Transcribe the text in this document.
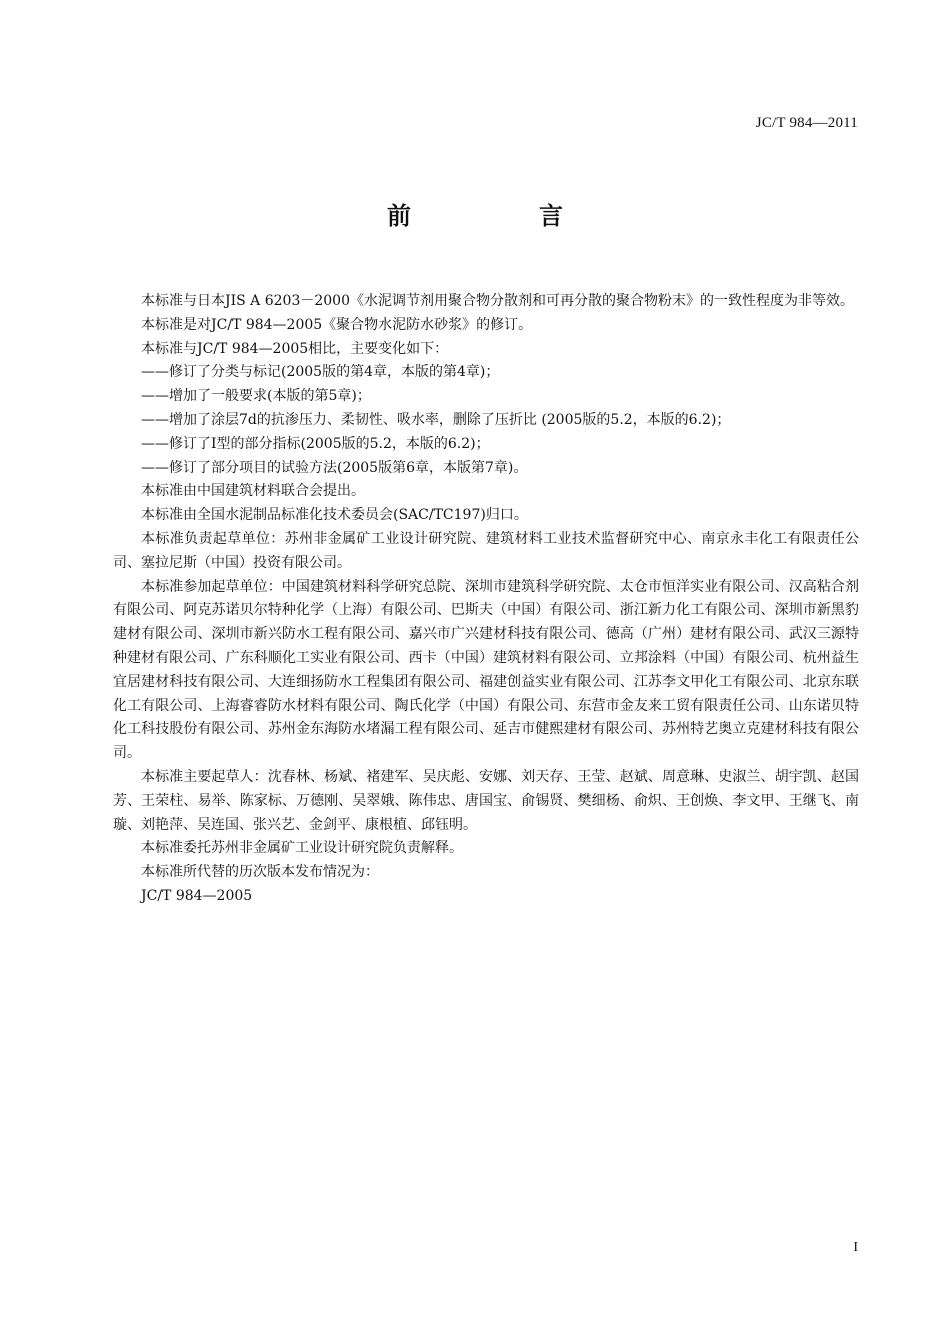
JC/T 984—2011
前　言

本标准与日本JIS A 6203－2000《水泥调节剂用聚合物分散剂和可再分散的聚合物粉末》的一致性程度为非等效。

本标准是对JC/T 984—2005《聚合物水泥防水砂浆》的修订。

本标准与JC/T 984—2005相比，主要变化如下：

——修订了分类与标记(2005版的第4章，本版的第4章)；

——增加了一般要求(本版的第5章)；

——增加了涂层7d的抗渗压力、柔韧性、吸水率，删除了压折比 (2005版的5.2，本版的6.2)；

——修订了Ⅰ型的部分指标(2005版的5.2，本版的6.2)；

——修订了部分项目的试验方法(2005版第6章，本版第7章)。

本标准由中国建筑材料联合会提出。

本标准由全国水泥制品标准化技术委员会(SAC/TC197)归口。

本标准负责起草单位：苏州非金属矿工业设计研究院、建筑材料工业技术监督研究中心、南京永丰化工有限责任公司、塞拉尼斯（中国）投资有限公司。

本标准参加起草单位：中国建筑材料科学研究总院、深圳市建筑科学研究院、太仓市恒洋实业有限公司、汉高粘合剂有限公司、阿克苏诺贝尔特种化学（上海）有限公司、巴斯夫（中国）有限公司、浙江新力化工有限公司、深圳市新黑豹建材有限公司、深圳市新兴防水工程有限公司、嘉兴市广兴建材科技有限公司、德高（广州）建材有限公司、武汉三源特种建材有限公司、广东科顺化工实业有限公司、西卡（中国）建筑材料有限公司、立邦涂料（中国）有限公司、杭州益生宜居建材科技有限公司、大连细扬防水工程集团有限公司、福建创益实业有限公司、江苏李文甲化工有限公司、北京东联化工有限公司、上海睿睿防水材料有限公司、陶氏化学（中国）有限公司、东营市金友来工贸有限责任公司、山东诺贝特化工科技股份有限公司、苏州金东海防水堵漏工程有限公司、延吉市健熙建材有限公司、苏州特艺奥立克建材科技有限公司。

本标准主要起草人：沈春林、杨斌、褚建军、吴庆彪、安娜、刘天存、王莹、赵斌、周意琳、史淑兰、胡宇凯、赵国芳、王荣柱、易举、陈家标、万德刚、吴翠娥、陈伟忠、唐国宝、俞锡贤、樊细杨、俞炽、王创焕、李文甲、王继飞、南璇、刘艳萍、吴连国、张兴艺、金剑平、康根植、邱钰明。

本标准委托苏州非金属矿工业设计研究院负责解释。

本标准所代替的历次版本发布情况为：

JC/T 984—2005

I
